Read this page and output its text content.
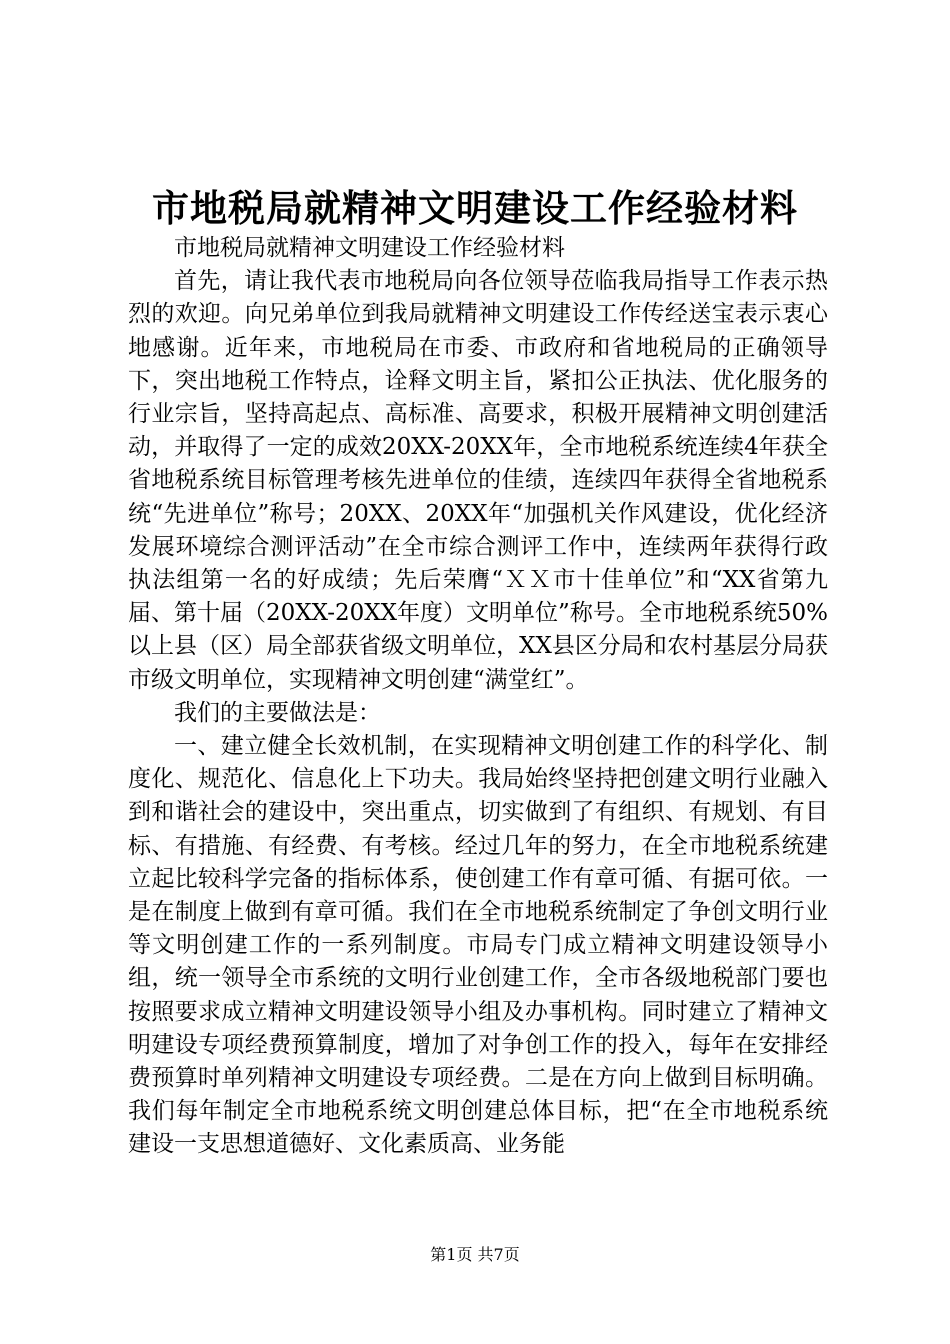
市地税局就精神文明建设工作经验材料

市地税局就精神文明建设工作经验材料

首先，请让我代表市地税局向各位领导莅临我局指导工作表示热烈的欢迎。向兄弟单位到我局就精神文明建设工作传经送宝表示衷心地感谢。近年来，市地税局在市委、市政府和省地税局的正确领导下，突出地税工作特点，诠释文明主旨，紧扣公正执法、优化服务的行业宗旨，坚持高起点、高标准、高要求，积极开展精神文明创建活动，并取得了一定的成效20XX-20XX年，全市地税系统连续4年获全省地税系统目标管理考核先进单位的佳绩，连续四年获得全省地税系统“先进单位”称号；20XX、20XX年“加强机关作风建设，优化经济发展环境综合测评活动”在全市综合测评工作中，连续两年获得行政执法组第一名的好成绩；先后荣膺“ＸＸ市十佳单位”和“XX省第九届、第十届（20XX-20XX年度）文明单位”称号。全市地税系统50%以上县（区）局全部获省级文明单位，XX县区分局和农村基层分局获市级文明单位，实现精神文明创建“满堂红”。

我们的主要做法是：

一、建立健全长效机制，在实现精神文明创建工作的科学化、制度化、规范化、信息化上下功夫。我局始终坚持把创建文明行业融入到和谐社会的建设中，突出重点，切实做到了有组织、有规划、有目标、有措施、有经费、有考核。经过几年的努力，在全市地税系统建立起比较科学完备的指标体系，使创建工作有章可循、有据可依。一是在制度上做到有章可循。我们在全市地税系统制定了争创文明行业等文明创建工作的一系列制度。市局专门成立精神文明建设领导小组，统一领导全市系统的文明行业创建工作，全市各级地税部门要也按照要求成立精神文明建设领导小组及办事机构。同时建立了精神文明建设专项经费预算制度，增加了对争创工作的投入，每年在安排经费预算时单列精神文明建设专项经费。二是在方向上做到目标明确。我们每年制定全市地税系统文明创建总体目标，把“在全市地税系统建设一支思想道德好、文化素质高、业务能

第1页 共7页
